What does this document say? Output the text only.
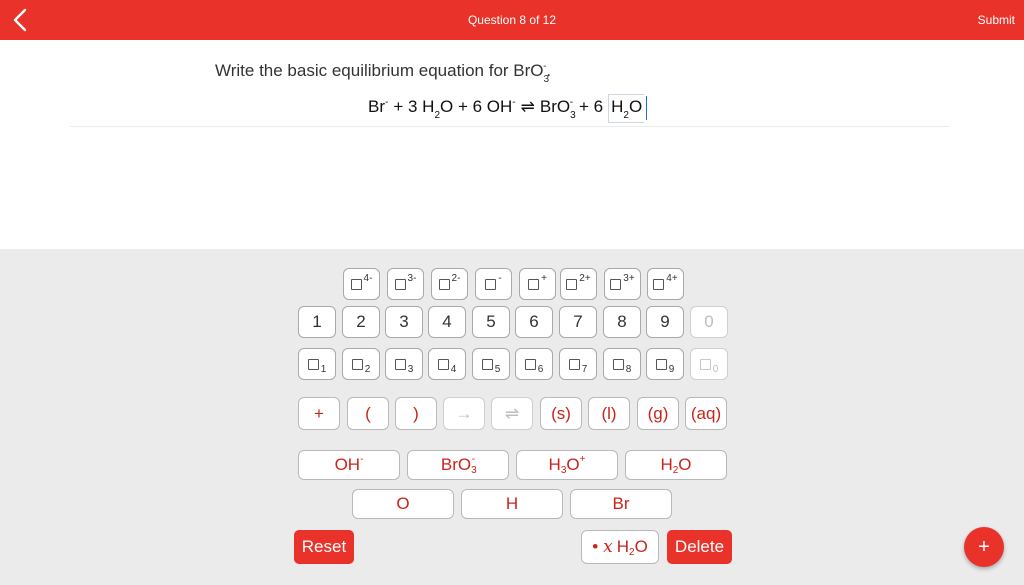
Question 8 of 12	Submit
Write the basic equilibrium equation for BrO$_3$-.
Br- + 3 $H_2O + 6$ OH- ⇌ BrO$_3$- + 6 $H_2O$
4-	3-	2-	-	+	2+	3+	4+
1	2	3	4	5	6	7	8	9	0
1	2	3	4	5	6	7	8	9	0
+	(	)	→	⇌	(s)	(l)	(g)	(aq)
OH -	BrO 3
-	H 3 O +	H 2 O
O	H	Br
Reset	• x H 2 O	Delete	+
